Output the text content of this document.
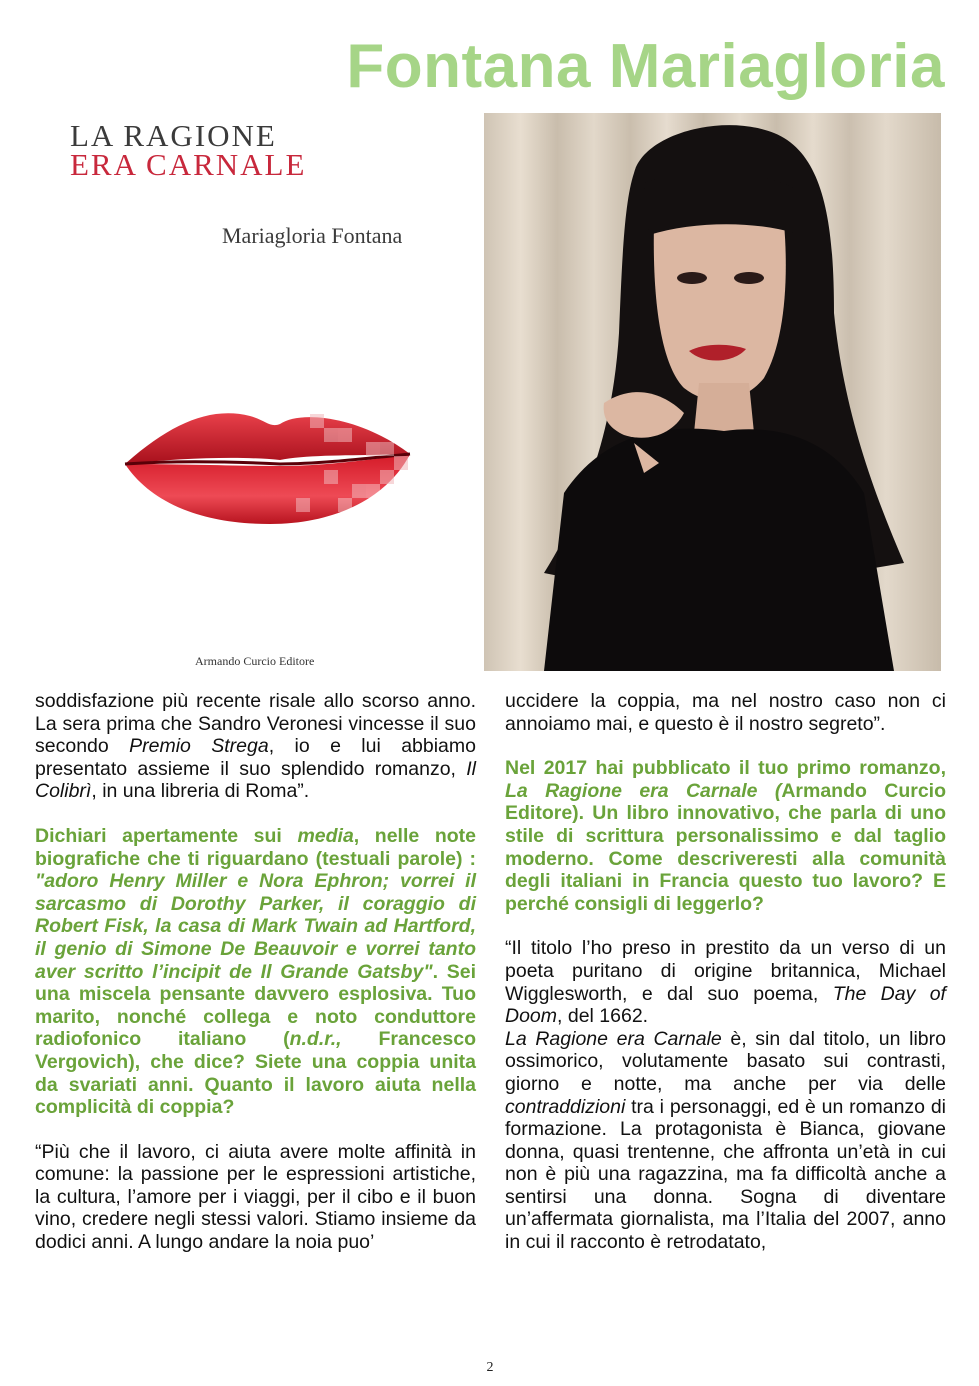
Fontana Mariagloria
LA RAGIONE
ERA CARNALE
Mariagloria Fontana
Armando Curcio Editore

soddisfazione più recente risale allo scorso anno. La sera prima che Sandro Veronesi vincesse il suo secondo Premio Strega, io e lui abbiamo presentato assieme il suo splendido romanzo, Il Colibrì, in una libreria di Roma”.

Dichiari apertamente sui media, nelle note biografiche che ti riguardano (testuali parole) : "adoro Henry Miller e Nora Ephron; vorrei il sarcasmo di Dorothy Parker, il coraggio di Robert Fisk, la casa di Mark Twain ad Hartford, il genio di Simone De Beauvoir e vorrei tanto aver scritto l’incipit de Il Grande Gatsby". Sei una miscela pensante davvero esplosiva. Tuo marito, nonché collega e noto conduttore radiofonico italiano (n.d.r., Francesco Vergovich), che dice? Siete una coppia unita da svariati anni. Quanto il lavoro aiuta nella complicità di coppia?

“Più che il lavoro, ci aiuta avere molte affinità in comune: la passione per le espressioni artistiche, la cultura, l’amore per i viaggi, per il cibo e il buon vino, credere negli stessi valori. Stiamo insieme da dodici anni. A lungo andare la noia puo’

uccidere la coppia, ma nel nostro caso non ci annoiamo mai, e questo è il nostro segreto”.

Nel 2017 hai pubblicato il tuo primo romanzo, La Ragione era Carnale (Armando Curcio Editore). Un libro innovativo, che parla di uno stile di scrittura personalissimo e dal taglio moderno. Come descriveresti alla comunità degli italiani in Francia questo tuo lavoro? E perché consigli di leggerlo?

“Il titolo l’ho preso in prestito da un verso di un poeta puritano di origine britannica, Michael Wigglesworth, e dal suo poema, The Day of Doom, del 1662.

La Ragione era Carnale è, sin dal titolo, un libro ossimorico, volutamente basato sui contrasti, giorno e notte, ma anche per via delle contraddizioni tra i personaggi, ed è un romanzo di formazione. La protagonista è Bianca, giovane donna, quasi trentenne, che affronta un’età in cui non è più una ragazzina, ma fa difficoltà anche a sentirsi una donna. Sogna di diventare un’affermata giornalista, ma l’Italia del 2007, anno in cui il racconto è retrodatato,

2
